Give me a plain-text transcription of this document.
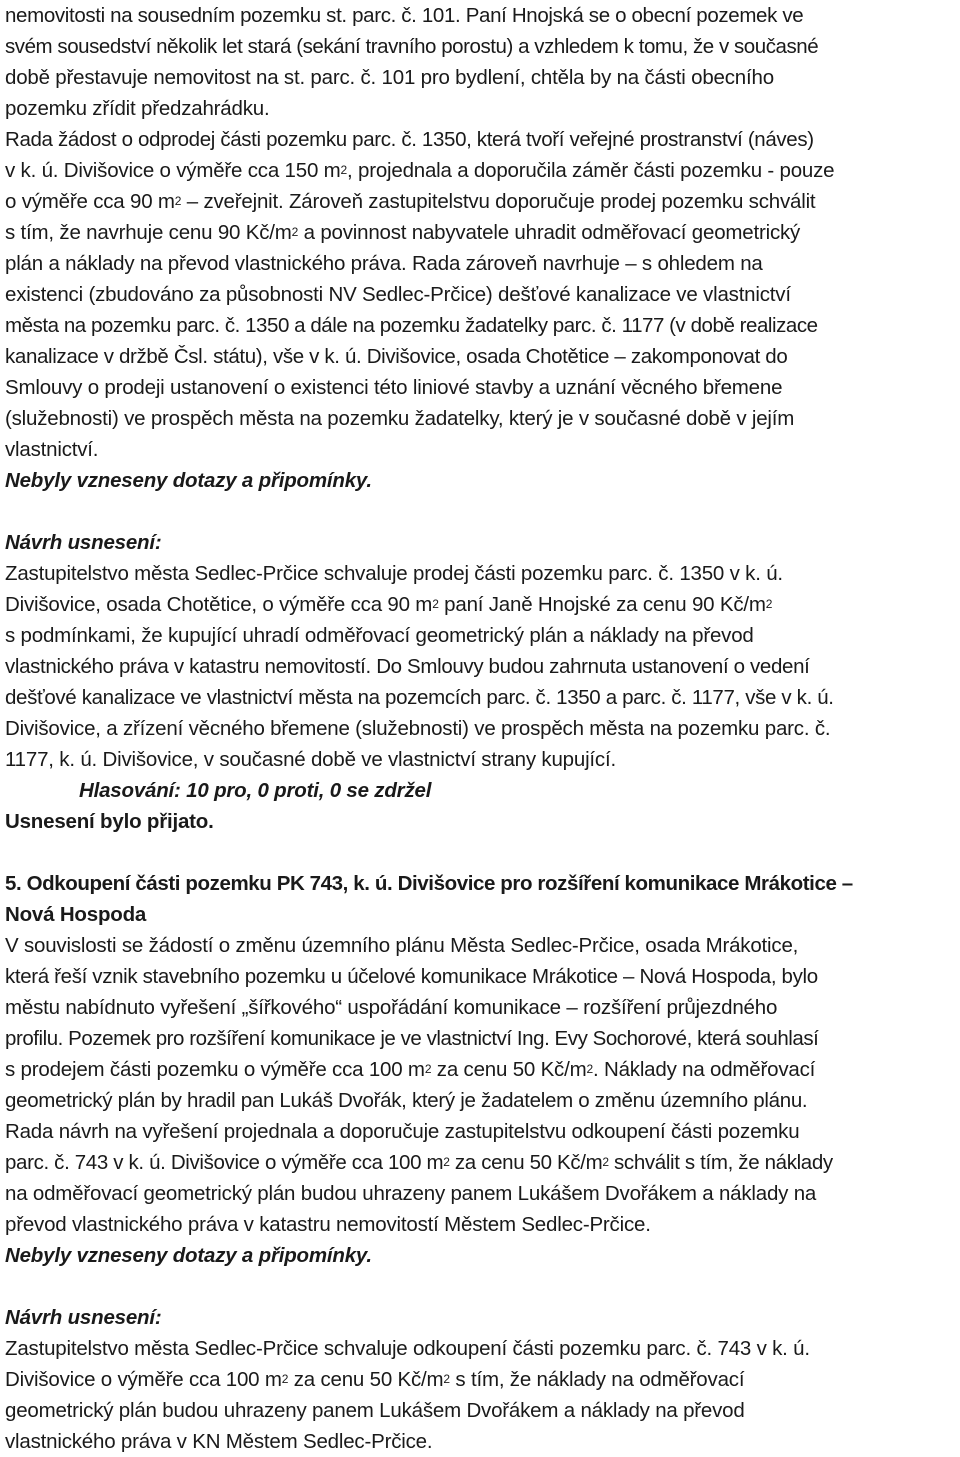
nemovitosti na sousedním pozemku st. parc. č. 101. Paní Hnojská se o obecní pozemek ve
svém sousedství několik let stará (sekání travního porostu) a vzhledem k tomu, že v současné
době přestavuje nemovitost na st. parc. č. 101 pro bydlení, chtěla by na části obecního
pozemku zřídit předzahrádku.
Rada žádost o odprodej části pozemku parc. č. 1350, která tvoří veřejné prostranství (náves)
v k. ú. Divišovice o výměře cca 150 $m^2$, projednala a doporučila záměr části pozemku - pouze
o výměře cca 90 $m^2$ – zveřejnit. Zároveň zastupitelstvu doporučuje prodej pozemku schválit
s tím, že navrhuje cenu 90 $Kč/m^2$ a povinnost nabyvatele uhradit odměřovací geometrický
plán a náklady na převod vlastnického práva. Rada zároveň navrhuje – s ohledem na
existenci (zbudováno za působnosti NV Sedlec-Prčice) dešťové kanalizace ve vlastnictví
města na pozemku parc. č. 1350 a dále na pozemku žadatelky parc. č. 1177 (v době realizace
kanalizace v držbě Čsl. státu), vše v k. ú. Divišovice, osada Chotětice – zakomponovat do
Smlouvy o prodeji ustanovení o existenci této liniové stavby a uznání věcného břemene
(služebnosti) ve prospěch města na pozemku žadatelky, který je v současné době v jejím
vlastnictví.
Nebyly vzneseny dotazy a připomínky.
Návrh usnesení:

Zastupitelstvo města Sedlec-Prčice schvaluje prodej části pozemku parc. č. 1350 v k. ú.
Divišovice, osada Chotětice, o výměře cca 90 $m^2$ paní Janě Hnojské za cenu 90 $Kč/m^2$
s podmínkami, že kupující uhradí odměřovací geometrický plán a náklady na převod
vlastnického práva v katastru nemovitostí. Do Smlouvy budou zahrnuta ustanovení o vedení
dešťové kanalizace ve vlastnictví města na pozemcích parc. č. 1350 a parc. č. 1177, vše v k. ú.
Divišovice, a zřízení věcného břemene (služebnosti) ve prospěch města na pozemku parc. č.
1177, k. ú. Divišovice, v současné době ve vlastnictví strany kupující.
Hlasování: 10 pro, 0 proti, 0 se zdržel
Usnesení bylo přijato.

5. Odkoupení části pozemku PK 743, k. ú. Divišovice pro rozšíření komunikace Mrákotice –
Nová Hospoda

V souvislosti se žádostí o změnu územního plánu Města Sedlec-Prčice, osada Mrákotice,
která řeší vznik stavebního pozemku u účelové komunikace Mrákotice – Nová Hospoda, bylo
městu nabídnuto vyřešení „šířkového“ uspořádání komunikace – rozšíření průjezdného
profilu. Pozemek pro rozšíření komunikace je ve vlastnictví Ing. Evy Sochorové, která souhlasí
s prodejem části pozemku o výměře cca 100 $m^2$ za cenu 50 $Kč/m^2$. Náklady na odměřovací
geometrický plán by hradil pan Lukáš Dvořák, který je žadatelem o změnu územního plánu.
Rada návrh na vyřešení projednala a doporučuje zastupitelstvu odkoupení části pozemku
parc. č. 743 v k. ú. Divišovice o výměře cca 100 $m^2$ za cenu 50 $Kč/m^2$ schválit s tím, že náklady
na odměřovací geometrický plán budou uhrazeny panem Lukášem Dvořákem a náklady na
převod vlastnického práva v katastru nemovitostí Městem Sedlec-Prčice.
Nebyly vzneseny dotazy a připomínky.
Návrh usnesení:

Zastupitelstvo města Sedlec-Prčice schvaluje odkoupení části pozemku parc. č. 743 v k. ú.
Divišovice o výměře cca 100 $m^2$ za cenu 50 $Kč/m^2$ s tím, že náklady na odměřovací
geometrický plán budou uhrazeny panem Lukášem Dvořákem a náklady na převod
vlastnického práva v KN Městem Sedlec-Prčice.
